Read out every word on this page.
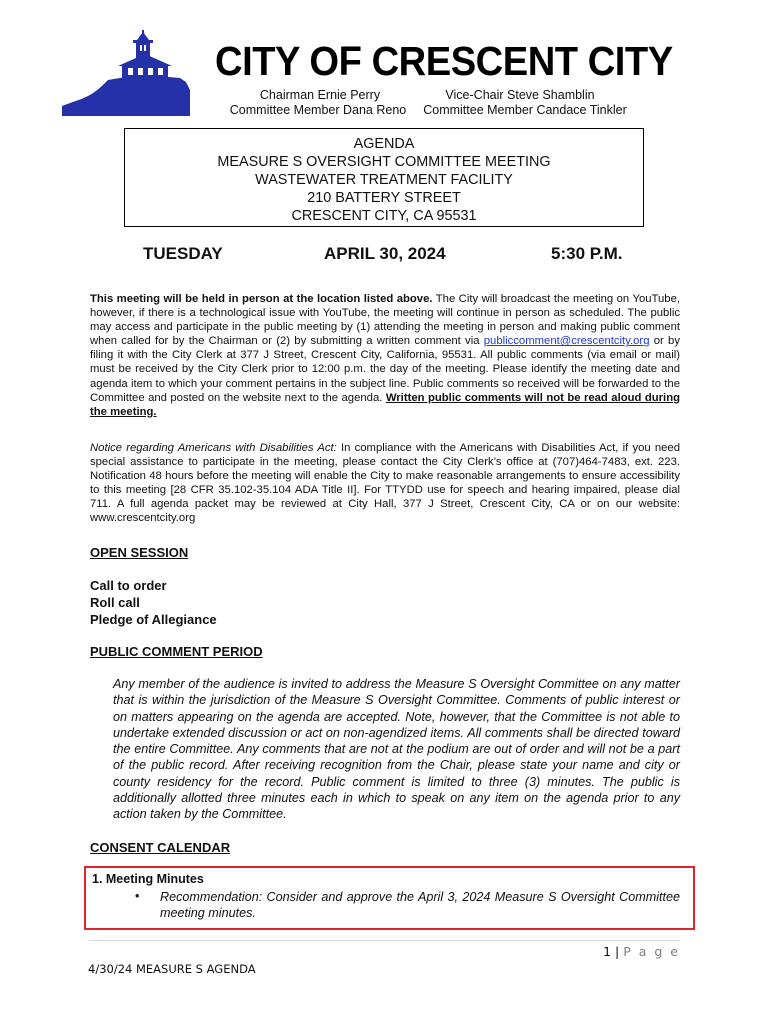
CITY OF CRESCENT CITY
Chairman Ernie Perry	Vice-Chair Steve Shamblin
Committee Member Dana Reno	Committee Member Candace Tinkler
AGENDA
MEASURE S OVERSIGHT COMMITTEE MEETING
WASTEWATER TREATMENT FACILITY
210 BATTERY STREET
CRESCENT CITY, CA 95531
TUESDAY	APRIL 30, 2024	5:30 P.M.
This meeting will be held in person at the location listed above. The City will broadcast the meeting on YouTube, however, if there is a technological issue with YouTube, the meeting will continue in person as scheduled. The public may access and participate in the public meeting by (1) attending the meeting in person and making public comment when called for by the Chairman or (2) by submitting a written comment via publiccomment@crescentcity.org or by filing it with the City Clerk at 377 J Street, Crescent City, California, 95531. All public comments (via email or mail) must be received by the City Clerk prior to 12:00 p.m. the day of the meeting. Please identify the meeting date and agenda item to which your comment pertains in the subject line. Public comments so received will be forwarded to the Committee and posted on the website next to the agenda. Written public comments will not be read aloud during the meeting.
Notice regarding Americans with Disabilities Act: In compliance with the Americans with Disabilities Act, if you need special assistance to participate in the meeting, please contact the City Clerk’s office at (707)464-7483, ext. 223. Notification 48 hours before the meeting will enable the City to make reasonable arrangements to ensure accessibility to this meeting [28 CFR 35.102-35.104 ADA Title II]. For TTYDD use for speech and hearing impaired, please dial 711. A full agenda packet may be reviewed at City Hall, 377 J Street, Crescent City, CA or on our website: www.crescentcity.org
OPEN SESSION
Call to order
Roll call
Pledge of Allegiance
PUBLIC COMMENT PERIOD
Any member of the audience is invited to address the Measure S Oversight Committee on any matter that is within the jurisdiction of the Measure S Oversight Committee. Comments of public interest or on matters appearing on the agenda are accepted. Note, however, that the Committee is not able to undertake extended discussion or act on non-agendized items. All comments shall be directed toward the entire Committee. Any comments that are not at the podium are out of order and will not be a part of the public record. After receiving recognition from the Chair, please state your name and city or county residency for the record. Public comment is limited to three (3) minutes. The public is additionally allotted three minutes each in which to speak on any item on the agenda prior to any action taken by the Committee.
CONSENT CALENDAR
1. Meeting Minutes
• Recommendation: Consider and approve the April 3, 2024 Measure S Oversight Committee meeting minutes.
1 | P a g e
4/30/24 MEASURE S AGENDA
